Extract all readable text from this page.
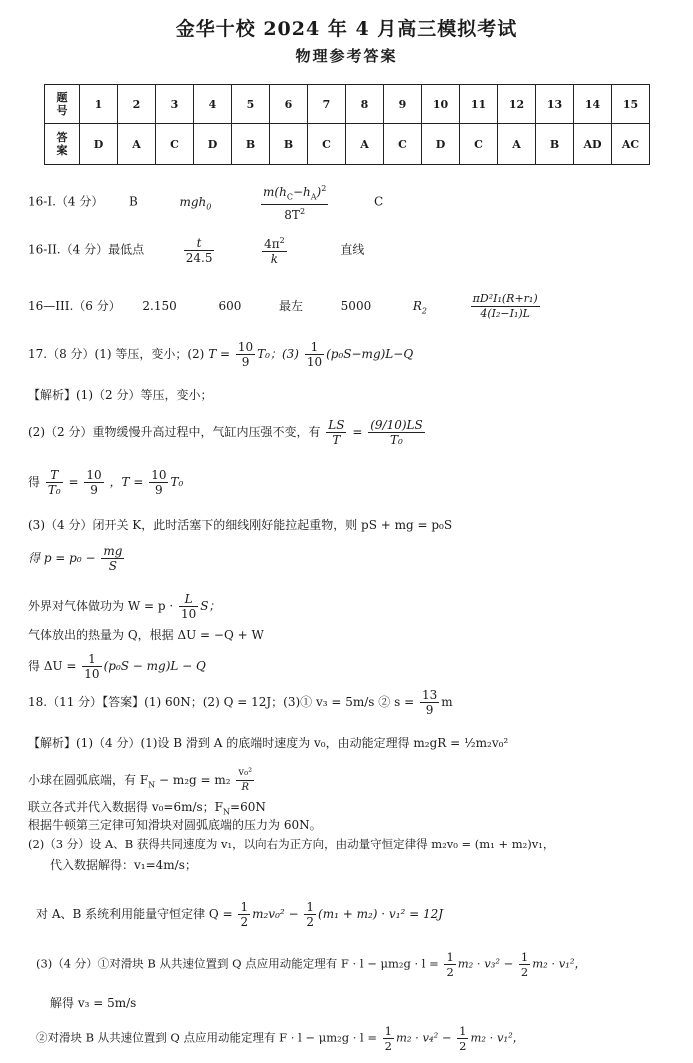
金华十校 2024 年 4 月高三模拟考试
物理参考答案
题
号	1	2	3	4	5	6	7	8	9	10	11	12	13	14	15
答
案	D	A	C	D	B	B	C	A	C	D	C	A	B	AD	AC
16-I.（4 分） B	mgh$_0$	$\frac{m(h_C-h_A)^2}{8T^2}$	C
16-II.（4 分）最低点	$\frac{t}{24.5}$
	$\frac{4\pi^2}{k}$	直线
16—III.（6 分） 2.150	600	最左	5000	$R_2$	$\frac{\text{πD²I₁(R+r₁)}}{\text{4(I₂−I₁)L}}$
17.（8 分）(1) 等压，变小；(2) $T = \frac{10}{9} T_0$；$(3) \frac{1}{10} (p_0S-mg)L-Q$
【解析】(1)（2 分）等压，变小；
(2)（2 分）重物缓慢升高过程中，气缸内压强不变，有 $\frac{LS}{T} = \frac{(9/10)LS}{\text{T₀}}$
得 $\frac{T}{\text{T₀}} = \frac{10}{9}$ ，$T = \frac{10}{9} T_0$
(3)（4 分）闭开关 K，此时活塞下的细线刚好能拉起重物，则 pS + mg = p₀S
得 $p = p_0 - \frac{mg}{S}$
外界对气体做功为 $W = p \cdot \frac{L}{10}$ S；
气体放出的热量为 Q，根据 ΔU = −Q + W
得 $\Delta U = \frac{1}{10} (p_0S - mg)L - Q$
18.（11 分）【答案】(1) 60N；(2) Q = 12J；(3)① v₃ = 5m/s ② $s = \frac{13}{9}$ m
【解析】(1)（4 分）(1)设 B 滑到 A 的底端时速度为 v₀，由动能定理得 m₂gR = ½m₂v₀²
小球在圆弧底端，有 $F_N - m_2g = m_2 \frac{\text{v₀²}}{R}$
联立各式并代入数据得 v₀=6m/s；$F_N=60N$
根据牛顿第三定律可知滑块对圆弧底端的压力为 60N。
(2)（3 分）设 A、B 获得共同速度为 v₁，以向右为正方向，由动量守恒定律得 m₂v₀ = (m₁ + m₂)v₁，
代入数据解得：v₁=4m/s；
对 A、B 系统利用能量守恒定律 $Q = \frac{1}{2} m_2v_0^2 - \frac{1}{2} (m_1 + m_2) \cdot v_1^2 = 12J$
(3)（4 分）①对滑块 B 从共速位置到 Q 点应用动能定理有 $F \cdot l - \mu m_2g \cdot l = \frac{1}{2} m_2 \cdot v_3^2 - \frac{1}{2} m_2 \cdot v_1^2$，
解得 v₃ = 5m/s
②对滑块 B 从共速位置到 Q 点应用动能定理有 $F \cdot l - \mu m_2g \cdot l = \frac{1}{2} m_2 \cdot v_4^2 - \frac{1}{2} m_2 \cdot v_1^2$，
